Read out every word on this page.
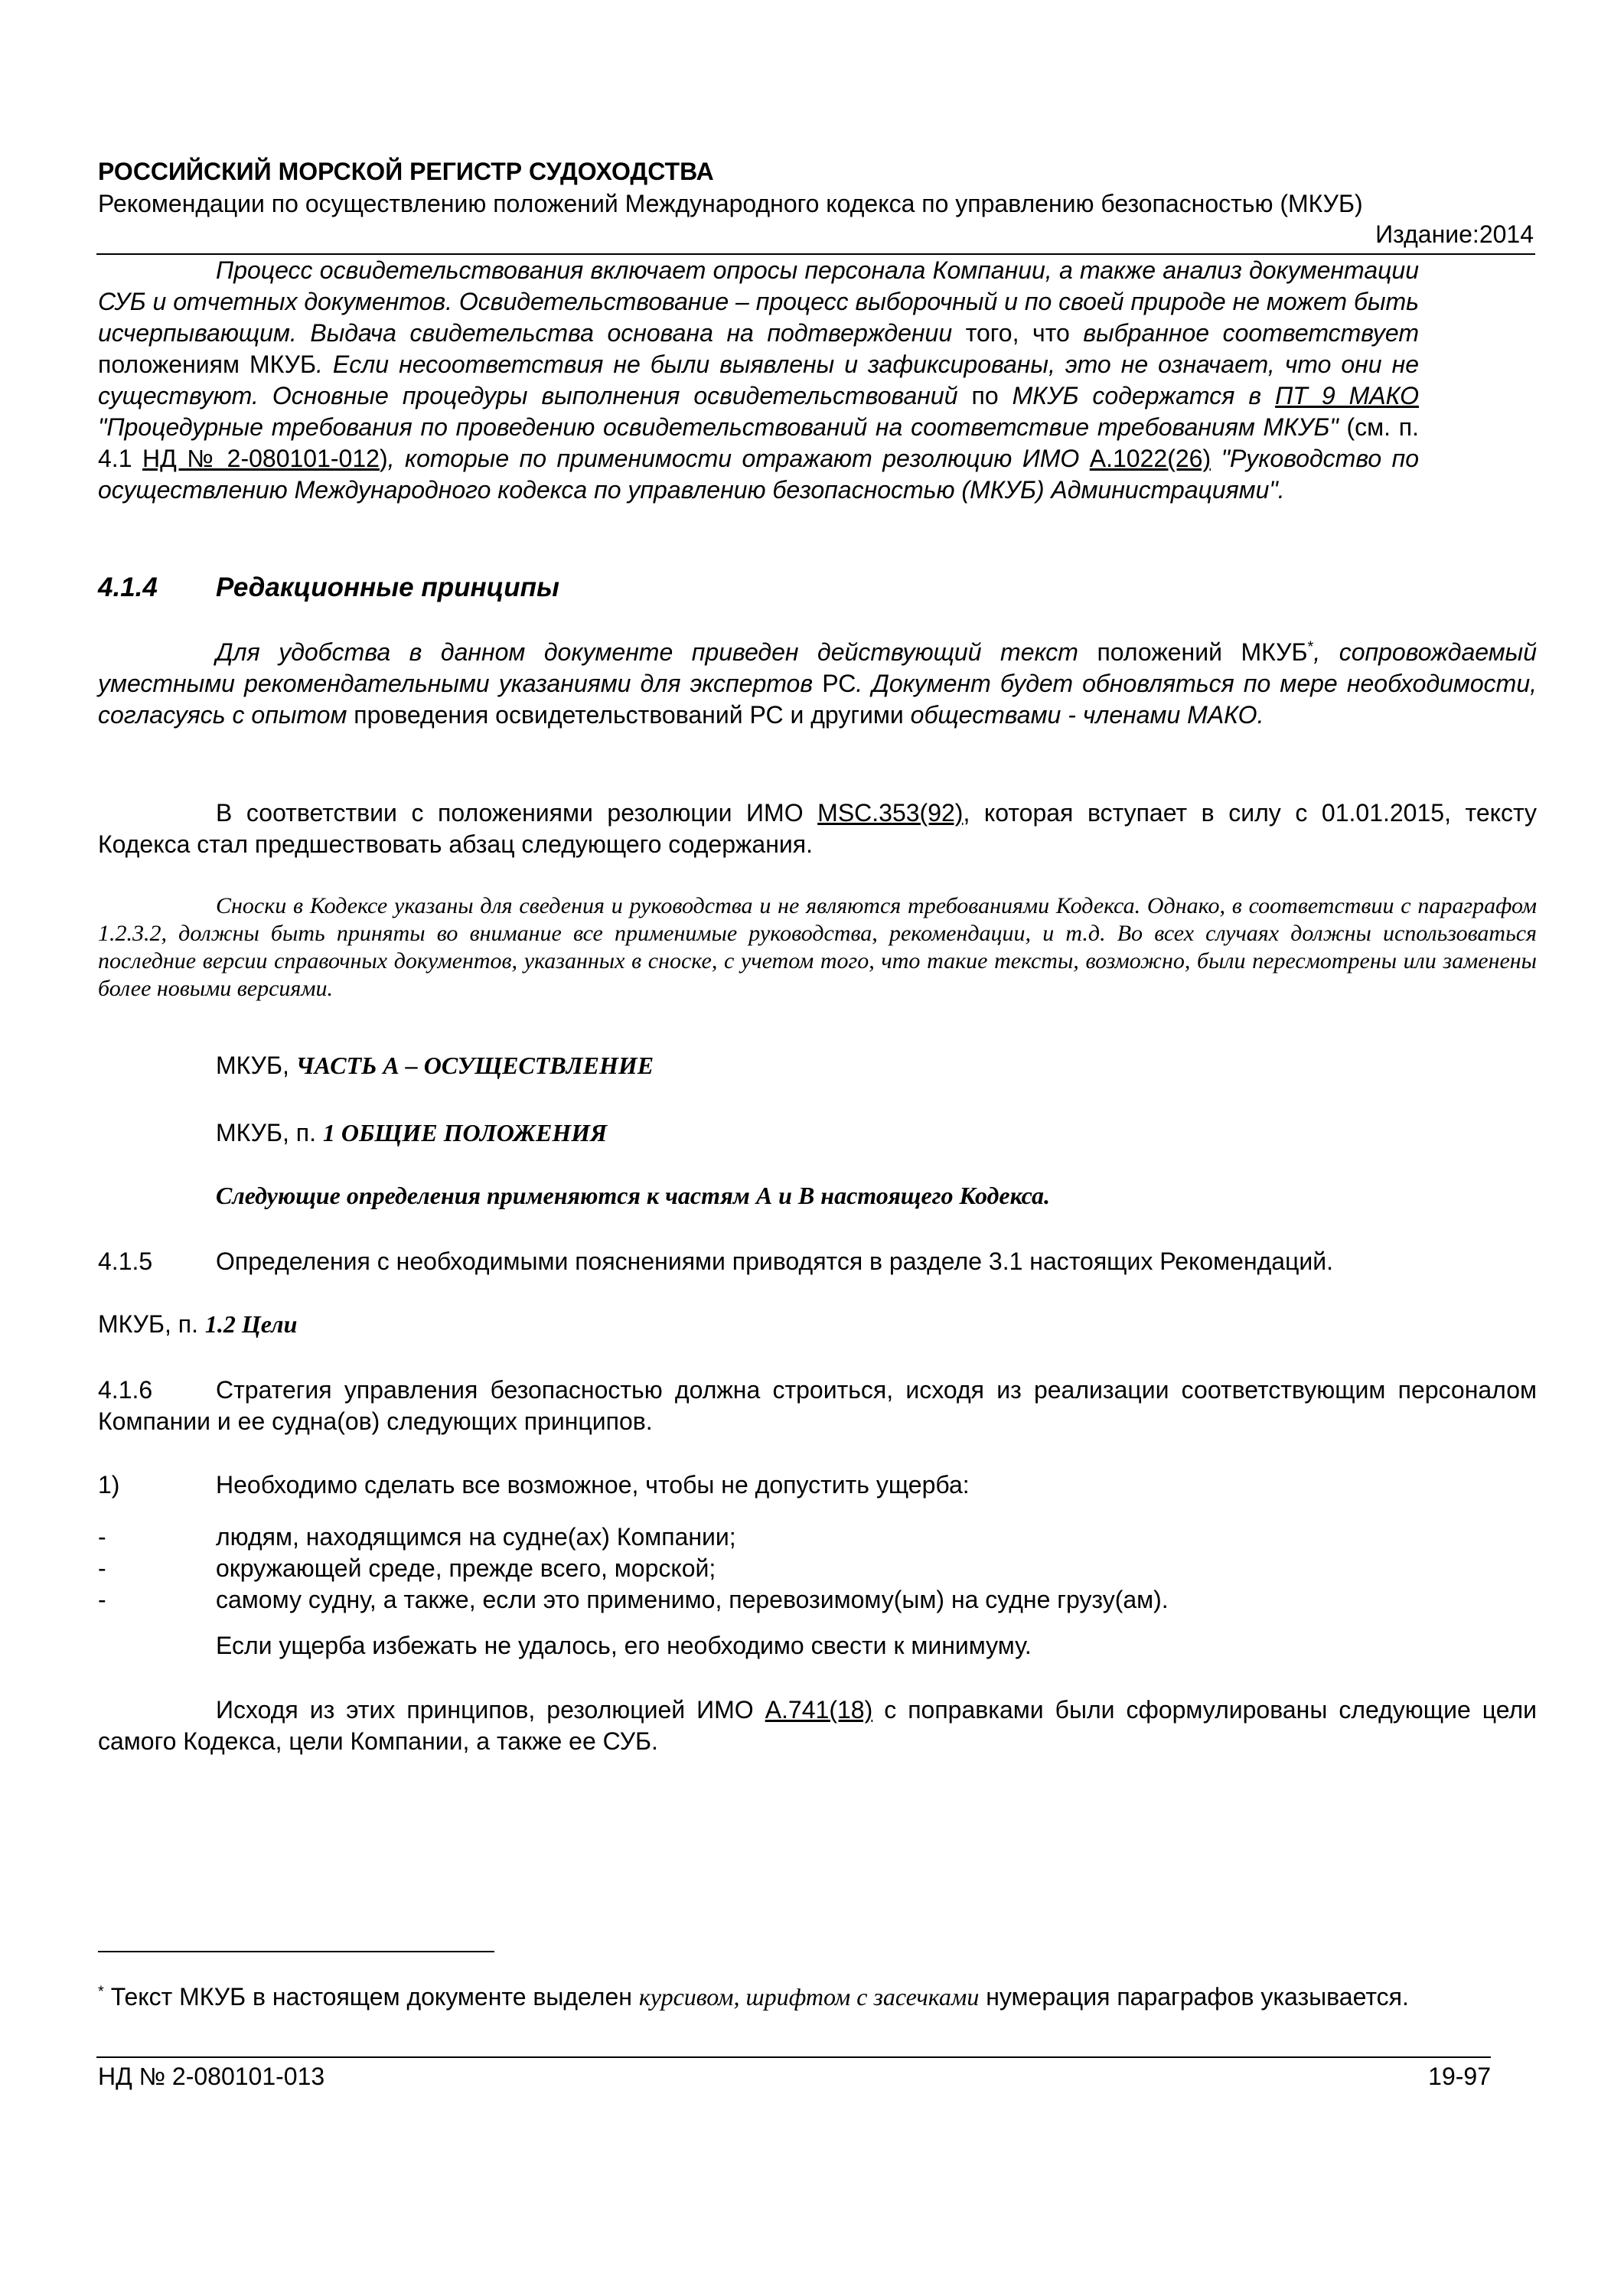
РОССИЙСКИЙ МОРСКОЙ РЕГИСТР СУДОХОДСТВА
Рекомендации по осуществлению положений Международного кодекса по управлению безопасностью (МКУБ)
Издание:2014
Процесс освидетельствования включает опросы персонала Компании, а также анализ документации СУБ и отчетных документов. Освидетельствование – процесс выборочный и по своей природе не может быть исчерпывающим. Выдача свидетельства основана на подтверждении того, что выбранное соответствует положениям МКУБ. Если несоответствия не были выявлены и зафиксированы, это не означает, что они не существуют. Основные процедуры выполнения освидетельствований по МКУБ содержатся в ПТ 9 МАКО "Процедурные требования по проведению освидетельствований на соответствие требованиям МКУБ" (см. п. 4.1 НД № 2-080101-012), которые по применимости отражают резолюцию ИМО А.1022(26) "Руководство по осуществлению Международного кодекса по управлению безопасностью (МКУБ) Администрациями".
4.1.4 Редакционные принципы
Для удобства в данном документе приведен действующий текст положений МКУБ*, сопровождаемый уместными рекомендательными указаниями для экспертов РС. Документ будет обновляться по мере необходимости, согласуясь с опытом проведения освидетельствований РС и другими обществами - членами МАКО.
В соответствии с положениями резолюции ИМО MSC.353(92), которая вступает в силу с 01.01.2015, тексту Кодекса стал предшествовать абзац следующего содержания.
Сноски в Кодексе указаны для сведения и руководства и не являются требованиями Кодекса. Однако, в соответствии с параграфом 1.2.3.2, должны быть приняты во внимание все применимые руководства, рекомендации, и т.д. Во всех случаях должны использоваться последние версии справочных документов, указанных в сноске, с учетом того, что такие тексты, возможно, были пересмотрены или заменены более новыми версиями.
МКУБ, ЧАСТЬ А – ОСУЩЕСТВЛЕНИЕ
МКУБ, п. 1 ОБЩИЕ ПОЛОЖЕНИЯ
Следующие определения применяются к частям А и В настоящего Кодекса.
4.1.5	Определения с необходимыми пояснениями приводятся в разделе 3.1 настоящих Рекомендаций.
МКУБ, п. 1.2 Цели
4.1.6	Стратегия управления безопасностью должна строиться, исходя из реализации соответствующим персоналом Компании и ее судна(ов) следующих принципов.
1)	Необходимо сделать все возможное, чтобы не допустить ущерба:
-	людям, находящимся на судне(ах) Компании;
-	окружающей среде, прежде всего, морской;
-	самому судну, а также, если это применимо, перевозимому(ым) на судне грузу(ам).
Если ущерба избежать не удалось, его необходимо свести к минимуму.
Исходя из этих принципов, резолюцией ИМО А.741(18) с поправками были сформулированы следующие цели самого Кодекса, цели Компании, а также ее СУБ.
* Текст МКУБ в настоящем документе выделен курсивом, шрифтом с засечками нумерация параграфов указывается.
НД № 2-080101-013	19-97
